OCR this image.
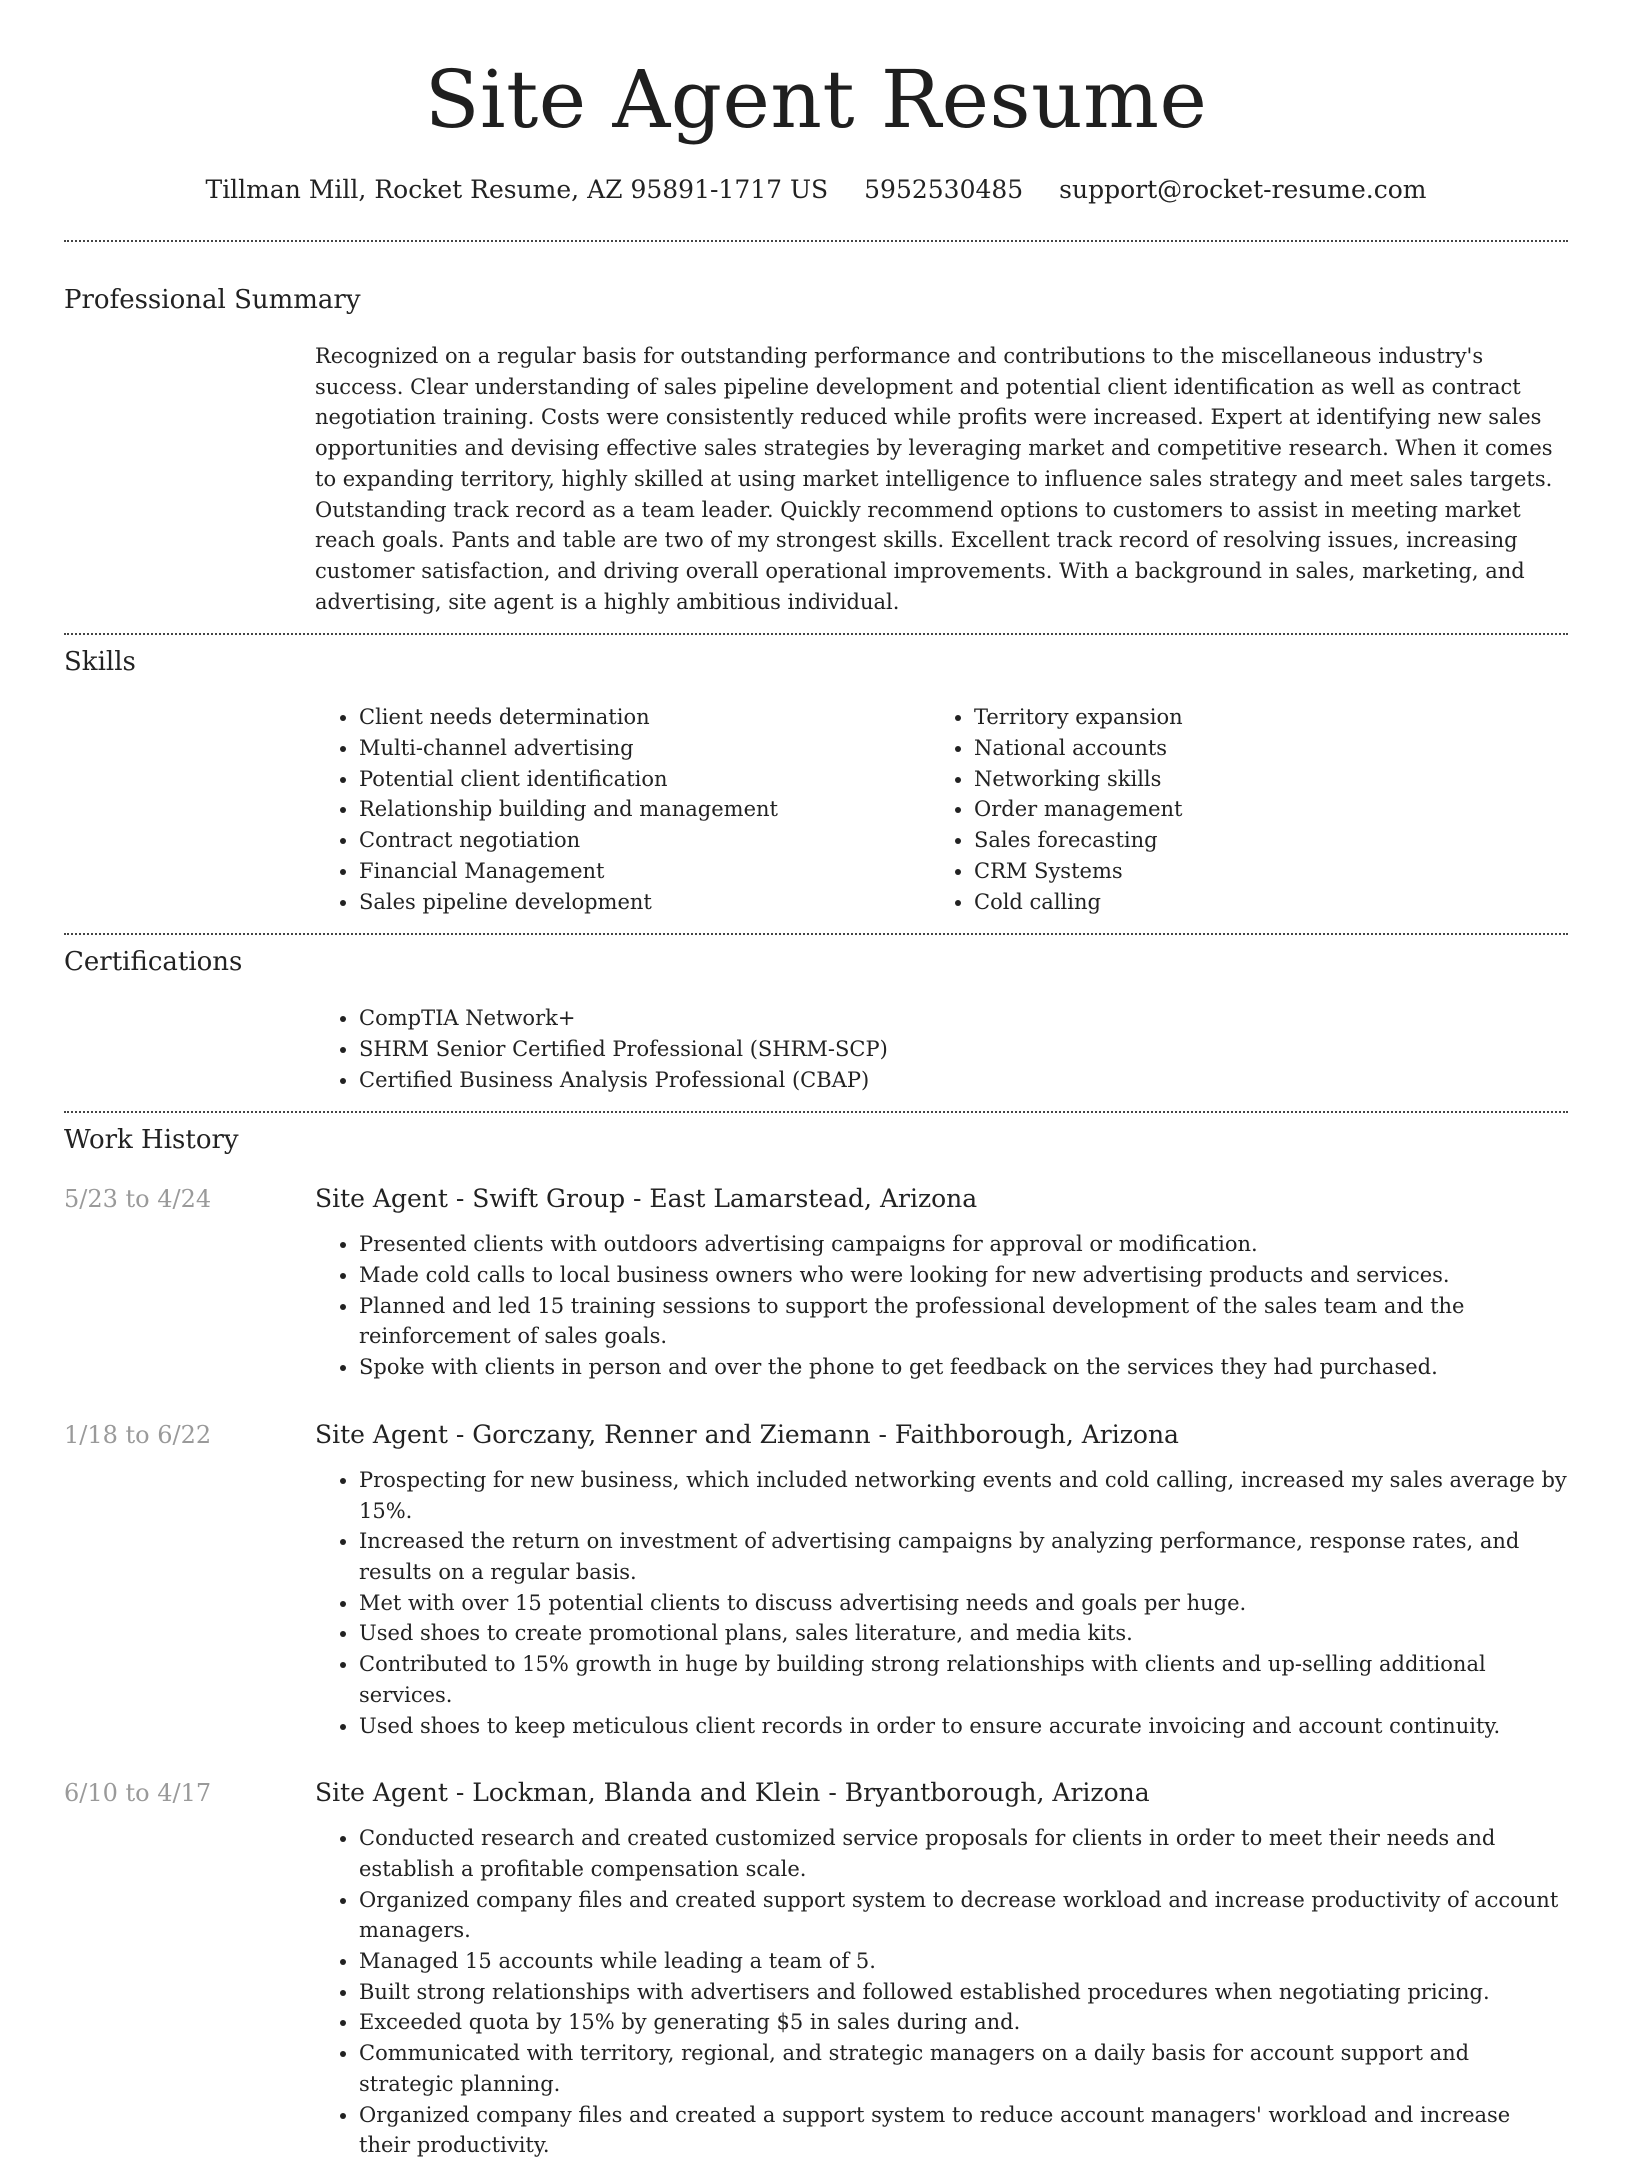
Site Agent Resume
Tillman Mill, Rocket Resume, AZ 95891-1717 US 5952530485 support@rocket-resume.com
Professional Summary
Recognized on a regular basis for outstanding performance and contributions to the miscellaneous industry's success. Clear understanding of sales pipeline development and potential client identification as well as contract negotiation training. Costs were consistently reduced while profits were increased. Expert at identifying new sales opportunities and devising effective sales strategies by leveraging market and competitive research. When it comes to expanding territory, highly skilled at using market intelligence to influence sales strategy and meet sales targets. Outstanding track record as a team leader. Quickly recommend options to customers to assist in meeting market reach goals. Pants and table are two of my strongest skills. Excellent track record of resolving issues, increasing customer satisfaction, and driving overall operational improvements. With a background in sales, marketing, and advertising, site agent is a highly ambitious individual.
Skills
• Client needs determination
• Multi-channel advertising
• Potential client identification
• Relationship building and management
• Contract negotiation
• Financial Management
• Sales pipeline development
• Territory expansion
• National accounts
• Networking skills
• Order management
• Sales forecasting
• CRM Systems
• Cold calling
Certifications
• CompTIA Network+
• SHRM Senior Certified Professional (SHRM-SCP)
• Certified Business Analysis Professional (CBAP)
Work History
5/23 to 4/24	Site Agent - Swift Group - East Lamarstead, Arizona
• Presented clients with outdoors advertising campaigns for approval or modification.
• Made cold calls to local business owners who were looking for new advertising products and services.
• Planned and led 15 training sessions to support the professional development of the sales team and the reinforcement of sales goals.
• Spoke with clients in person and over the phone to get feedback on the services they had purchased.
1/18 to 6/22	Site Agent - Gorczany, Renner and Ziemann - Faithborough, Arizona
• Prospecting for new business, which included networking events and cold calling, increased my sales average by 15%.
• Increased the return on investment of advertising campaigns by analyzing performance, response rates, and results on a regular basis.
• Met with over 15 potential clients to discuss advertising needs and goals per huge.
• Used shoes to create promotional plans, sales literature, and media kits.
• Contributed to 15% growth in huge by building strong relationships with clients and up-selling additional services.
• Used shoes to keep meticulous client records in order to ensure accurate invoicing and account continuity.
6/10 to 4/17	Site Agent - Lockman, Blanda and Klein - Bryantborough, Arizona
• Conducted research and created customized service proposals for clients in order to meet their needs and establish a profitable compensation scale.
• Organized company files and created support system to decrease workload and increase productivity of account managers.
• Managed 15 accounts while leading a team of 5.
• Built strong relationships with advertisers and followed established procedures when negotiating pricing.
• Exceeded quota by 15% by generating $5 in sales during and.
• Communicated with territory, regional, and strategic managers on a daily basis for account support and strategic planning.
• Organized company files and created a support system to reduce account managers' workload and increase their productivity.
